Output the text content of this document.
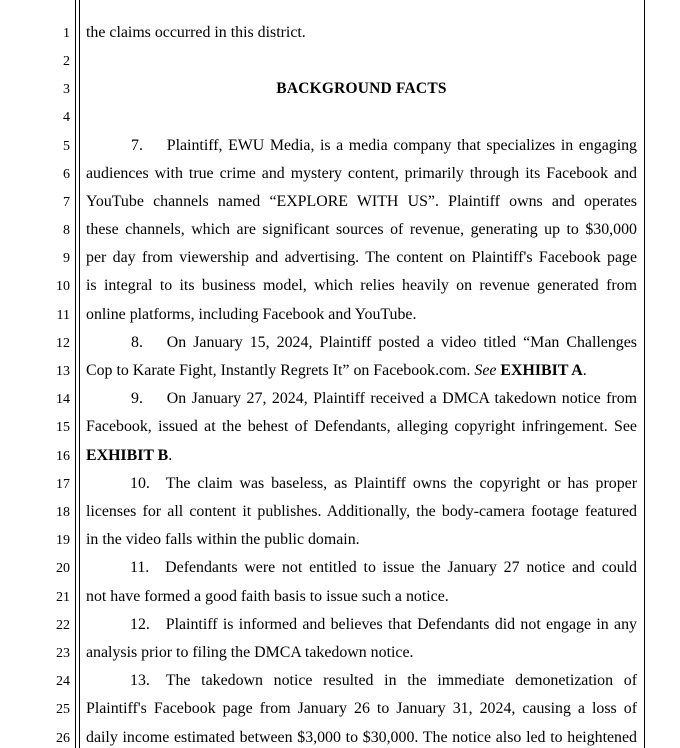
1
2
3
4
5
6
7
8
9
10
11
12
13
14
15
16
17
18
19
20
21
22
23
24
25
26
the claims occurred in this district.
BACKGROUND FACTS
7.  Plaintiff, EWU Media, is a media company that specializes in engaging
audiences with true crime and mystery content, primarily through its Facebook and
YouTube channels named “EXPLORE WITH US”. Plaintiff owns and operates
these channels, which are significant sources of revenue, generating up to $30,000
per day from viewership and advertising. The content on Plaintiff's Facebook page
is integral to its business model, which relies heavily on revenue generated from
online platforms, including Facebook and YouTube.
8.  On January 15, 2024, Plaintiff posted a video titled “Man Challenges
Cop to Karate Fight, Instantly Regrets It” on Facebook.com. See EXHIBIT A.
9.  On January 27, 2024, Plaintiff received a DMCA takedown notice from
Facebook, issued at the behest of Defendants, alleging copyright infringement. See
EXHIBIT B.
10. The claim was baseless, as Plaintiff owns the copyright or has proper
licenses for all content it publishes. Additionally, the body-camera footage featured
in the video falls within the public domain.
11. Defendants were not entitled to issue the January 27 notice and could
not have formed a good faith basis to issue such a notice.
12. Plaintiff is informed and believes that Defendants did not engage in any
analysis prior to filing the DMCA takedown notice.
13. The takedown notice resulted in the immediate demonetization of
Plaintiff's Facebook page from January 26 to January 31, 2024, causing a loss of
daily income estimated between $3,000 to $30,000. The notice also led to heightened
